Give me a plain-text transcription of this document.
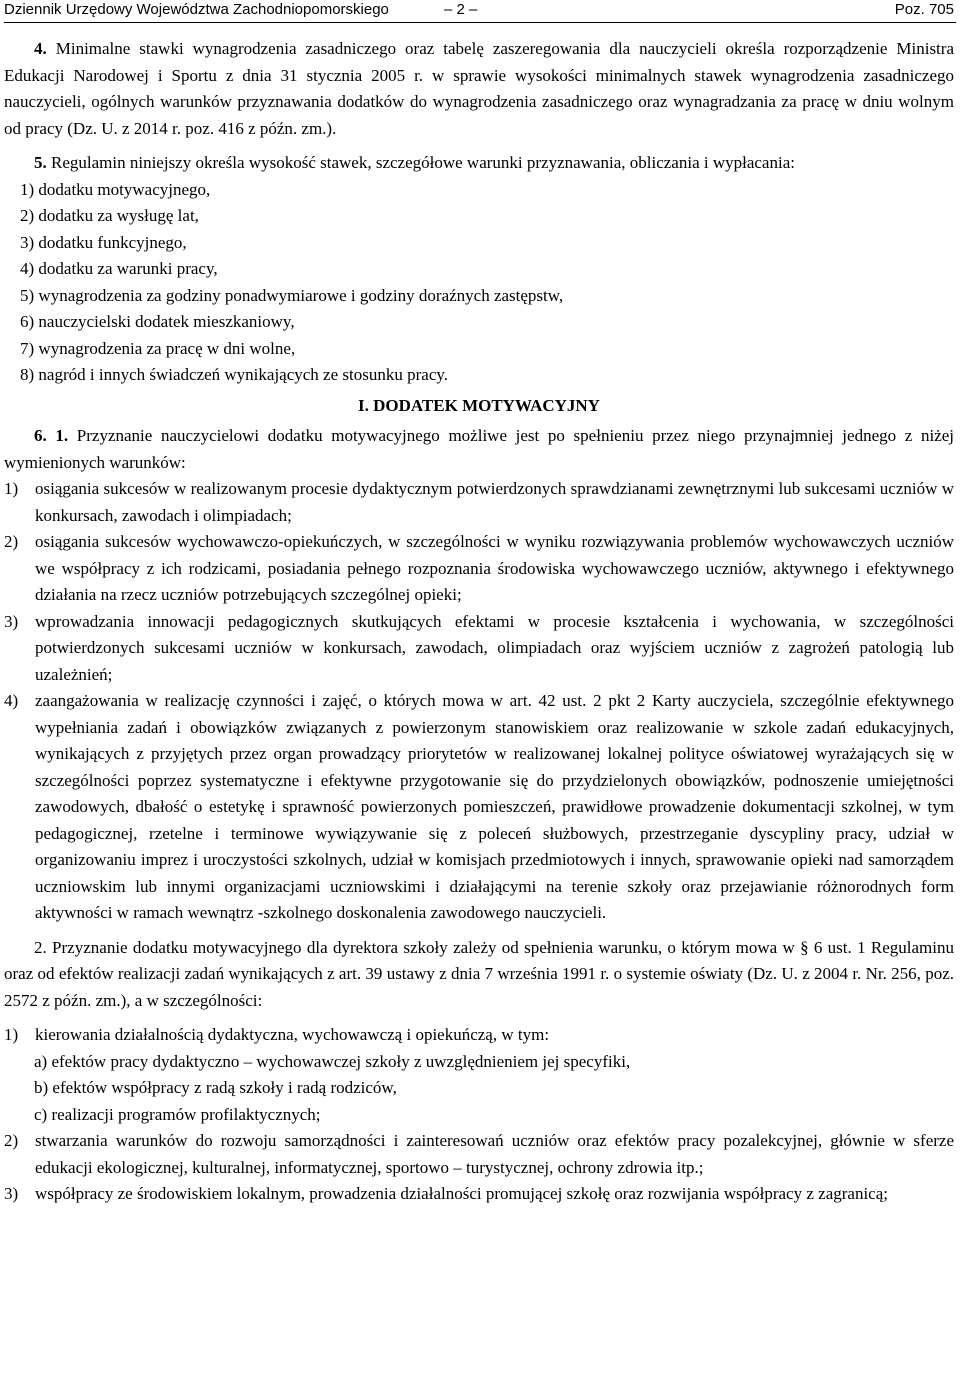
Dziennik Urzędowy Województwa Zachodniopomorskiego	– 2 –	Poz. 705

4. Minimalne stawki wynagrodzenia zasadniczego oraz tabelę zaszeregowania dla nauczycieli określa rozporządzenie Ministra Edukacji Narodowej i Sportu z dnia 31 stycznia 2005 r. w sprawie wysokości minimalnych stawek wynagrodzenia zasadniczego nauczycieli, ogólnych warunków przyznawania dodatków do wynagrodzenia zasadniczego oraz wynagradzania za pracę w dniu wolnym od pracy (Dz. U. z 2014 r. poz. 416 z późn. zm.).

5. Regulamin niniejszy określa wysokość stawek, szczegółowe warunki przyznawania, obliczania i wypłacania:

1) dodatku motywacyjnego,

2) dodatku za wysługę lat,

3) dodatku funkcyjnego,

4) dodatku za warunki pracy,

5) wynagrodzenia za godziny ponadwymiarowe i godziny doraźnych zastępstw,

6) nauczycielski dodatek mieszkaniowy,

7) wynagrodzenia za pracę w dni wolne,

8) nagród i innych świadczeń wynikających ze stosunku pracy.

I. DODATEK MOTYWACYJNY

6. 1. Przyznanie nauczycielowi dodatku motywacyjnego możliwe jest po spełnieniu przez niego przynajmniej jednego z niżej wymienionych warunków:

1) osiągania sukcesów w realizowanym procesie dydaktycznym potwierdzonych sprawdzianami zewnętrznymi lub sukcesami uczniów w konkursach, zawodach i olimpiadach;
2) osiągania sukcesów wychowawczo-opiekuńczych, w szczególności w wyniku rozwiązywania problemów wychowawczych uczniów we współpracy z ich rodzicami, posiadania pełnego rozpoznania środowiska wychowawczego uczniów, aktywnego i efektywnego działania na rzecz uczniów potrzebujących szczególnej opieki;
3) wprowadzania innowacji pedagogicznych skutkujących efektami w procesie kształcenia i wychowania, w szczególności potwierdzonych sukcesami uczniów w konkursach, zawodach, olimpiadach oraz wyjściem uczniów z zagrożeń patologią lub uzależnień;
4) zaangażowania w realizację czynności i zajęć, o których mowa w art. 42 ust. 2 pkt 2 Karty auczyciela, szczególnie efektywnego wypełniania zadań i obowiązków związanych z powierzonym stanowiskiem oraz realizowanie w szkole zadań edukacyjnych, wynikających z przyjętych przez organ prowadzący priorytetów w realizowanej lokalnej polityce oświatowej wyrażających się w szczególności poprzez systematyczne i efektywne przygotowanie się do przydzielonych obowiązków, podnoszenie umiejętności zawodowych, dbałość o estetykę i sprawność powierzonych pomieszczeń, prawidłowe prowadzenie dokumentacji szkolnej, w tym pedagogicznej, rzetelne i terminowe wywiązywanie się z poleceń służbowych, przestrzeganie dyscypliny pracy, udział w organizowaniu imprez i uroczystości szkolnych, udział w komisjach przedmiotowych i innych, sprawowanie opieki nad samorządem uczniowskim lub innymi organizacjami uczniowskimi i działającymi na terenie szkoły oraz przejawianie różnorodnych form aktywności w ramach wewnątrz -szkolnego doskonalenia zawodowego nauczycieli.

2. Przyznanie dodatku motywacyjnego dla dyrektora szkoły zależy od spełnienia warunku, o którym mowa w § 6 ust. 1 Regulaminu oraz od efektów realizacji zadań wynikających z art. 39 ustawy z dnia 7 września 1991 r. o systemie oświaty (Dz. U. z 2004 r. Nr. 256, poz. 2572 z późn. zm.), a w szczególności:

1) kierowania działalnością dydaktyczna, wychowawczą i opiekuńczą, w tym:

a) efektów pracy dydaktyczno – wychowawczej szkoły z uwzględnieniem jej specyfiki,

b) efektów współpracy z radą szkoły i radą rodziców,

c) realizacji programów profilaktycznych;

2) stwarzania warunków do rozwoju samorządności i zainteresowań uczniów oraz efektów pracy pozalekcyjnej, głównie w sferze edukacji ekologicznej, kulturalnej, informatycznej, sportowo – turystycznej, ochrony zdrowia itp.;
3) współpracy ze środowiskiem lokalnym, prowadzenia działalności promującej szkołę oraz rozwijania współpracy z zagranicą;
